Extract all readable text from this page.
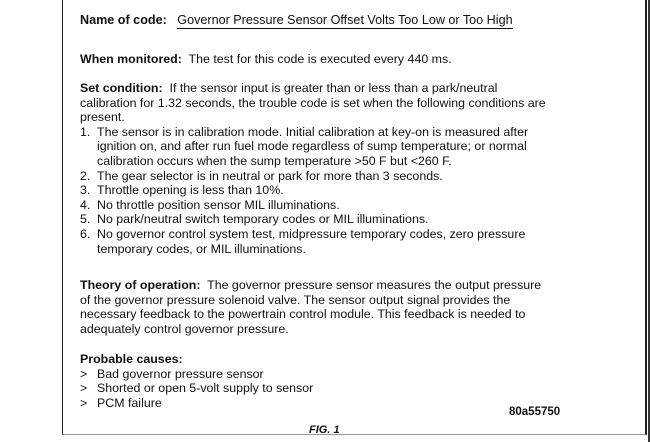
Name of code: Governor Pressure Sensor Offset Volts Too Low or Too High
When monitored: The test for this code is executed every 440 ms.
Set condition: If the sensor input is greater than or less than a park/neutral calibration for 1.32 seconds, the trouble code is set when the following conditions are present.
1. The sensor is in calibration mode. Initial calibration at key-on is measured after ignition on, and after run fuel mode regardless of sump temperature; or normal calibration occurs when the sump temperature >50 F but <260 F.
2. The gear selector is in neutral or park for more than 3 seconds.
3. Throttle opening is less than 10%.
4. No throttle position sensor MIL illuminations.
5. No park/neutral switch temporary codes or MIL illuminations.
6. No governor control system test, midpressure temporary codes, zero pressure temporary codes, or MIL illuminations.
Theory of operation: The governor pressure sensor measures the output pressure of the governor pressure solenoid valve. The sensor output signal provides the necessary feedback to the powertrain control module. This feedback is needed to adequately control governor pressure.
Probable causes:
> Bad governor pressure sensor
> Shorted or open 5-volt supply to sensor
> PCM failure
80a55750
FIG. 1
